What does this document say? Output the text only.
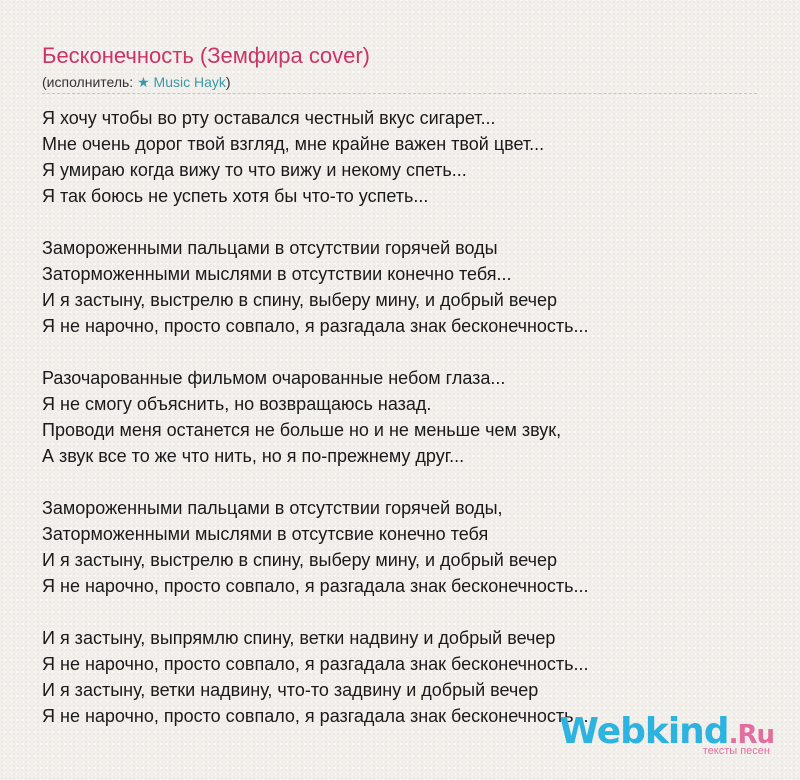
Бесконечность (Земфира cover)
(исполнитель: ★ Music Hayk)
Я хочу чтобы во рту оставался честный вкус сигарет...
Мне очень дорог твой взгляд, мне крайне важен твой цвет...
Я умираю когда вижу то что вижу и некому спеть...
Я так боюсь не успеть хотя бы что-то успеть...
Замороженными пальцами в отсутствии горячей воды
Заторможенными мыслями в отсутствии конечно тебя...
И я застыну, выстрелю в спину, выберу мину, и добрый вечер
Я не нарочно, просто совпало, я разгадала знак бесконечность...
Разочарованные фильмом очарованные небом глаза...
Я не смогу объяснить, но возвращаюсь назад.
Проводи меня останется не больше но и не меньше чем звук,
А звук все то же что нить, но я по-прежнему друг...
Замороженными пальцами в отсутствии горячей воды,
Заторможенными мыслями в отсутсвие конечно тебя
И я застыну, выстрелю в спину, выберу мину, и добрый вечер
Я не нарочно, просто совпало, я разгадала знак бесконечность...
И я застыну, выпрямлю спину, ветки надвину и добрый вечер
Я не нарочно, просто совпало, я разгадала знак бесконечность...
И я застыну, ветки надвину, что-то задвину и добрый вечер
Я не нарочно, просто совпало, я разгадала знак бесконечность...
Webkind.Ru
тексты песен
